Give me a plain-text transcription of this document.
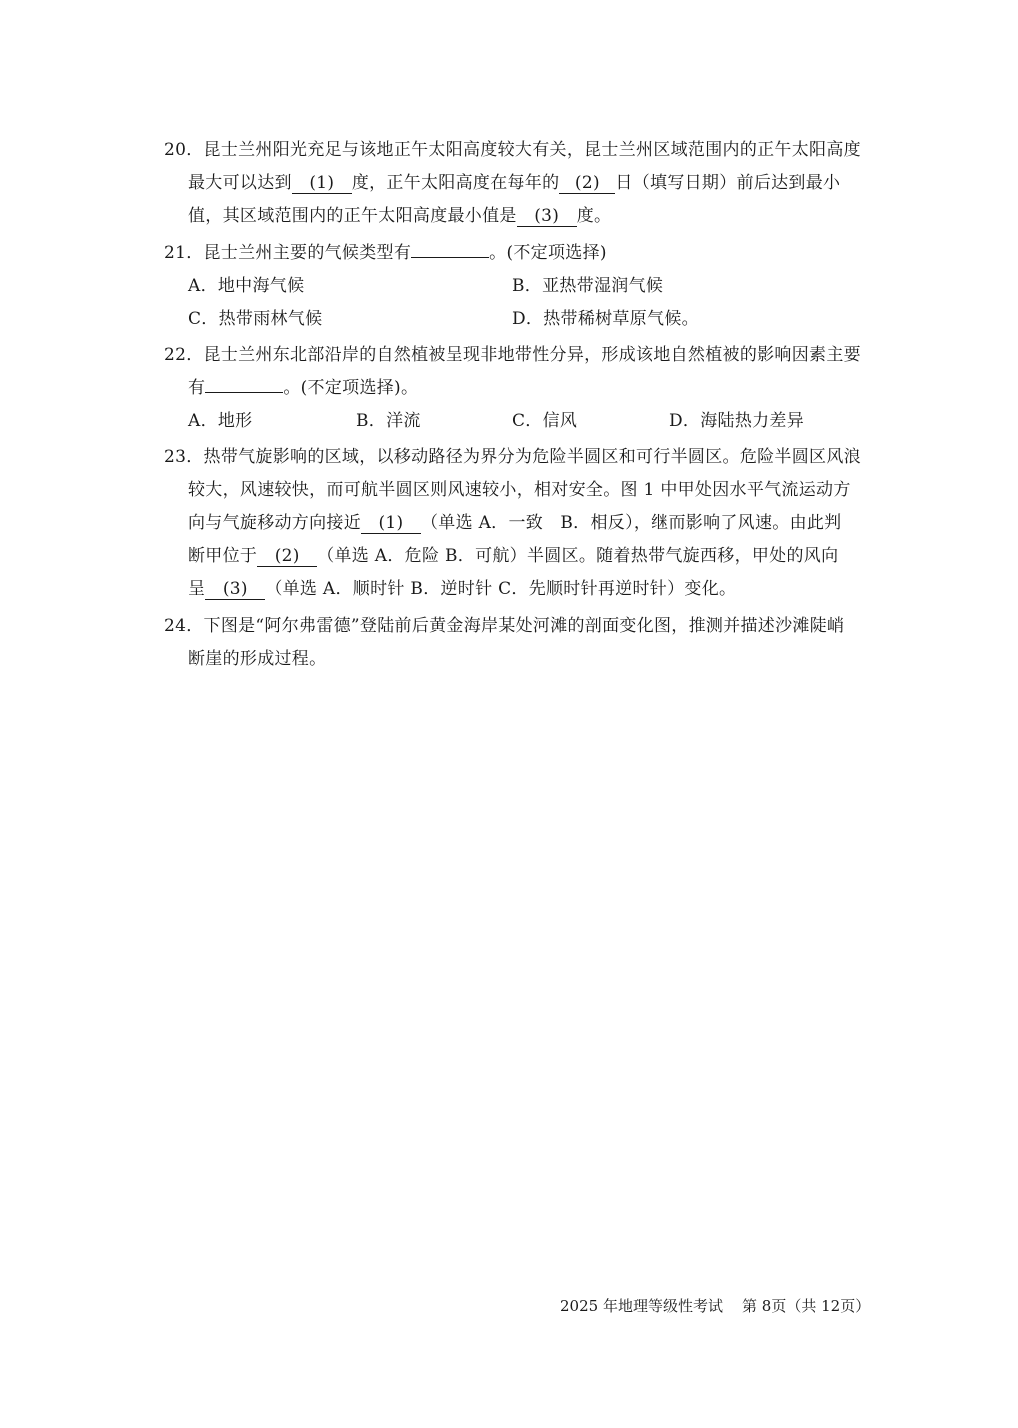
20．昆士兰州阳光充足与该地正午太阳高度较大有关，昆士兰州区域范围内的正午太阳高度
最大可以达到 (1) 度，正午太阳高度在每年的 (2) 日（填写日期）前后达到最小
值，其区域范围内的正午太阳高度最小值是 (3) 度。
21．昆士兰州主要的气候类型有	。(不定项选择)
A．地中海气候	B．亚热带湿润气候
C．热带雨林气候	D．热带稀树草原气候。
22．昆士兰州东北部沿岸的自然植被呈现非地带性分异，形成该地自然植被的影响因素主要
有	。(不定项选择)。
A．地形	B．洋流	C．信风	D．海陆热力差异
23．热带气旋影响的区域，以移动路径为界分为危险半圆区和可行半圆区。危险半圆区风浪
较大，风速较快，而可航半圆区则风速较小，相对安全。图 1 中甲处因水平气流运动方
向与气旋移动方向接近 (1) （单选 A．一致　B．相反），继而影响了风速。由此判
断甲位于 (2) （单选 A．危险 B．可航）半圆区。随着热带气旋西移，甲处的风向
呈 (3) （单选 A．顺时针 B．逆时针 C．先顺时针再逆时针）变化。
24．下图是“阿尔弗雷德”登陆前后黄金海岸某处河滩的剖面变化图，推测并描述沙滩陡峭
断崖的形成过程。
2025 年地理等级性考试 第 8页（共 12页）
